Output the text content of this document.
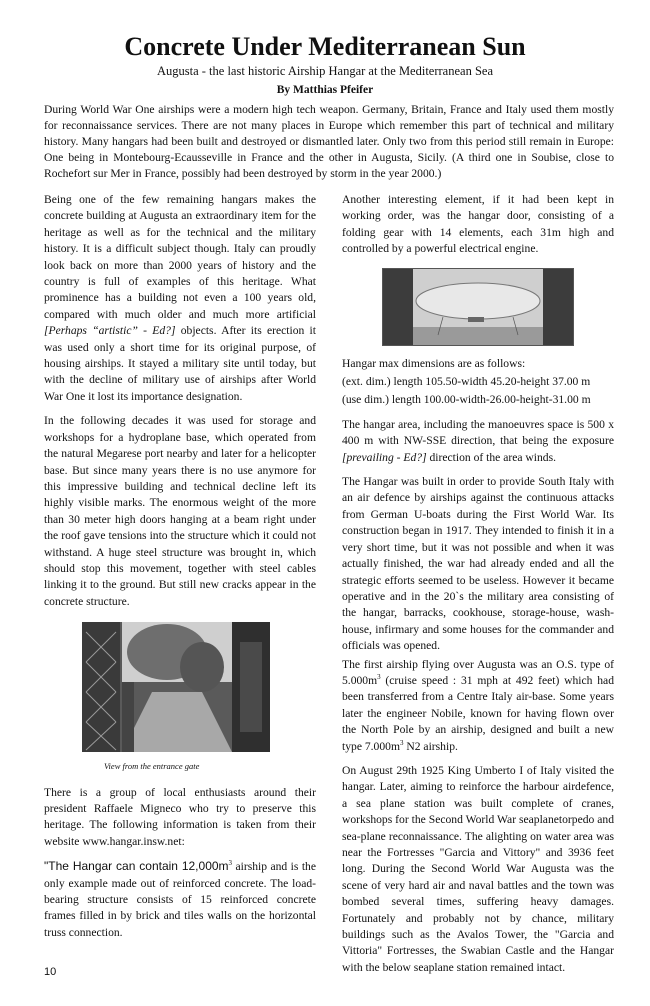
Concrete Under Mediterranean Sun
Augusta - the last historic Airship Hangar at the Mediterranean Sea
By Matthias Pfeifer

During World War One airships were a modern high tech weapon. Germany, Britain, France and Italy used them mostly for reconnaissance services. There are not many places in Europe which remember this part of technical and military history. Many hangars had been built and destroyed or dismantled later. Only two from this period still remain in Europe: One being in Montebourg-Ecausseville in France and the other in Augusta, Sicily. (A third one in Soubise, close to Rochefort sur Mer in France, possibly had been destroyed by storm in the year 2000.)

Being one of the few remaining hangars makes the concrete building at Augusta an extraordinary item for the heritage as well as for the technical and the military history. It is a difficult subject though. Italy can proudly look back on more than 2000 years of history and the country is full of examples of this heritage. What prominence has a building not even a 100 years old, compared with much older and much more artificial [Perhaps “artistic” - Ed?] objects. After its erection it was used only a short time for its original purpose, of housing airships. It stayed a military site until today, but with the decline of military use of airships after World War One it lost its importance designation.

In the following decades it was used for storage and workshops for a hydroplane base, which operated from the natural Megarese port nearby and later for a helicopter base. But since many years there is no use anymore for this impressive building and technical decline left its highly visible marks. The enormous weight of the more than 30 meter high doors hanging at a beam right under the roof gave tensions into the structure which it could not withstand. A huge steel structure was brought in, which should stop this movement, together with steel cables linking it to the ground. But still new cracks appear in the concrete structure.

View from the entrance gate

There is a group of local enthusiasts around their president Raffaele Migneco who try to preserve this heritage. The following information is taken from their website www.hangar.insw.net:

"The Hangar can contain $12,000m^3$ airship and is the only example made out of reinforced concrete. The load-bearing structure consists of 15 reinforced concrete frames filled in by brick and tiles walls on the horizontal truss connection.

Another interesting element, if it had been kept in working order, was the hangar door, consisting of a folding gear with 14 elements, each 31m high and controlled by a powerful electrical engine.

Hangar max dimensions are as follows:

(ext. dim.) length 105.50-width 45.20-height 37.00 m

(use dim.) length 100.00-width-26.00-height-31.00 m

The hangar area, including the manoeuvres space is 500 x 400 m with NW-SSE direction, that being the exposure [prevailing - Ed?] direction of the area winds.

The Hangar was built in order to provide South Italy with an air defence by airships against the continuous attacks from German U-boats during the First World War. Its construction began in 1917. They intended to finish it in a very short time, but it was not possible and when it was actually finished, the war had already ended and all the strategic efforts seemed to be useless. However it became operative and in the 20`s the military area consisting of the hangar, barracks, cookhouse, storage-house, wash-house, infirmary and some houses for the commander and officials was opened.

The first airship flying over Augusta was an O.S. type of $5.000m^3$ (cruise speed : 31 mph at 492 feet) which had been transferred from a Centre Italy air-base. Some years later the engineer Nobile, known for having flown over the North Pole by an airship, designed and built a new type $7.000m^3$ N2 airship.

On August 29th 1925 King Umberto I of Italy visited the hangar. Later, aiming to reinforce the harbour airdefence, a sea plane station was built complete of cranes, workshops for the Second World War seaplanetorpedo and sea-plane reconnaissance. The alighting on water area was near the Fortresses "Garcia and Vittory" and 3936 feet long. During the Second World War Augusta was the scene of very hard air and naval battles and the town was bombed several times, suffering heavy damages. Fortunately and probably not by chance, military buildings such as the Avalos Tower, the "Garcia and Vittoria" Fortresses, the Swabian Castle and the Hangar with the below seaplane station remained intact.

10
